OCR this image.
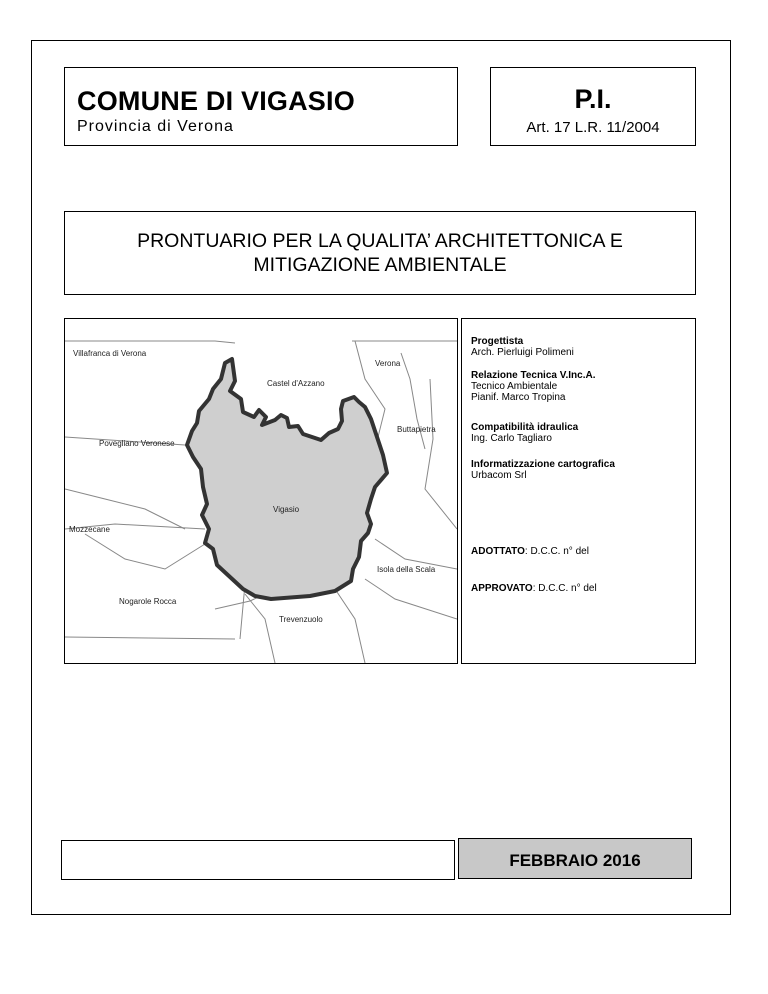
COMUNE DI VIGASIO
Provincia di Verona
P.I.
Art. 17 L.R. 11/2004
PRONTUARIO PER LA QUALITA’ ARCHITETTONICA E MITIGAZIONE AMBIENTALE
Villafranca di Verona
Verona
Castel d'Azzano
Buttapietra
Povegliano Veronese
Vigasio
Mozzecane
Isola della Scala
Nogarole Rocca
Trevenzuolo
Progettista
Arch. Pierluigi Polimeni
Relazione Tecnica V.Inc.A.
Tecnico Ambientale
Pianif. Marco Tropina
Compatibilità idraulica
Ing. Carlo Tagliaro
Informatizzazione cartografica
Urbacom Srl
ADOTTATO: D.C.C. n° del
APPROVATO: D.C.C. n° del
FEBBRAIO 2016
